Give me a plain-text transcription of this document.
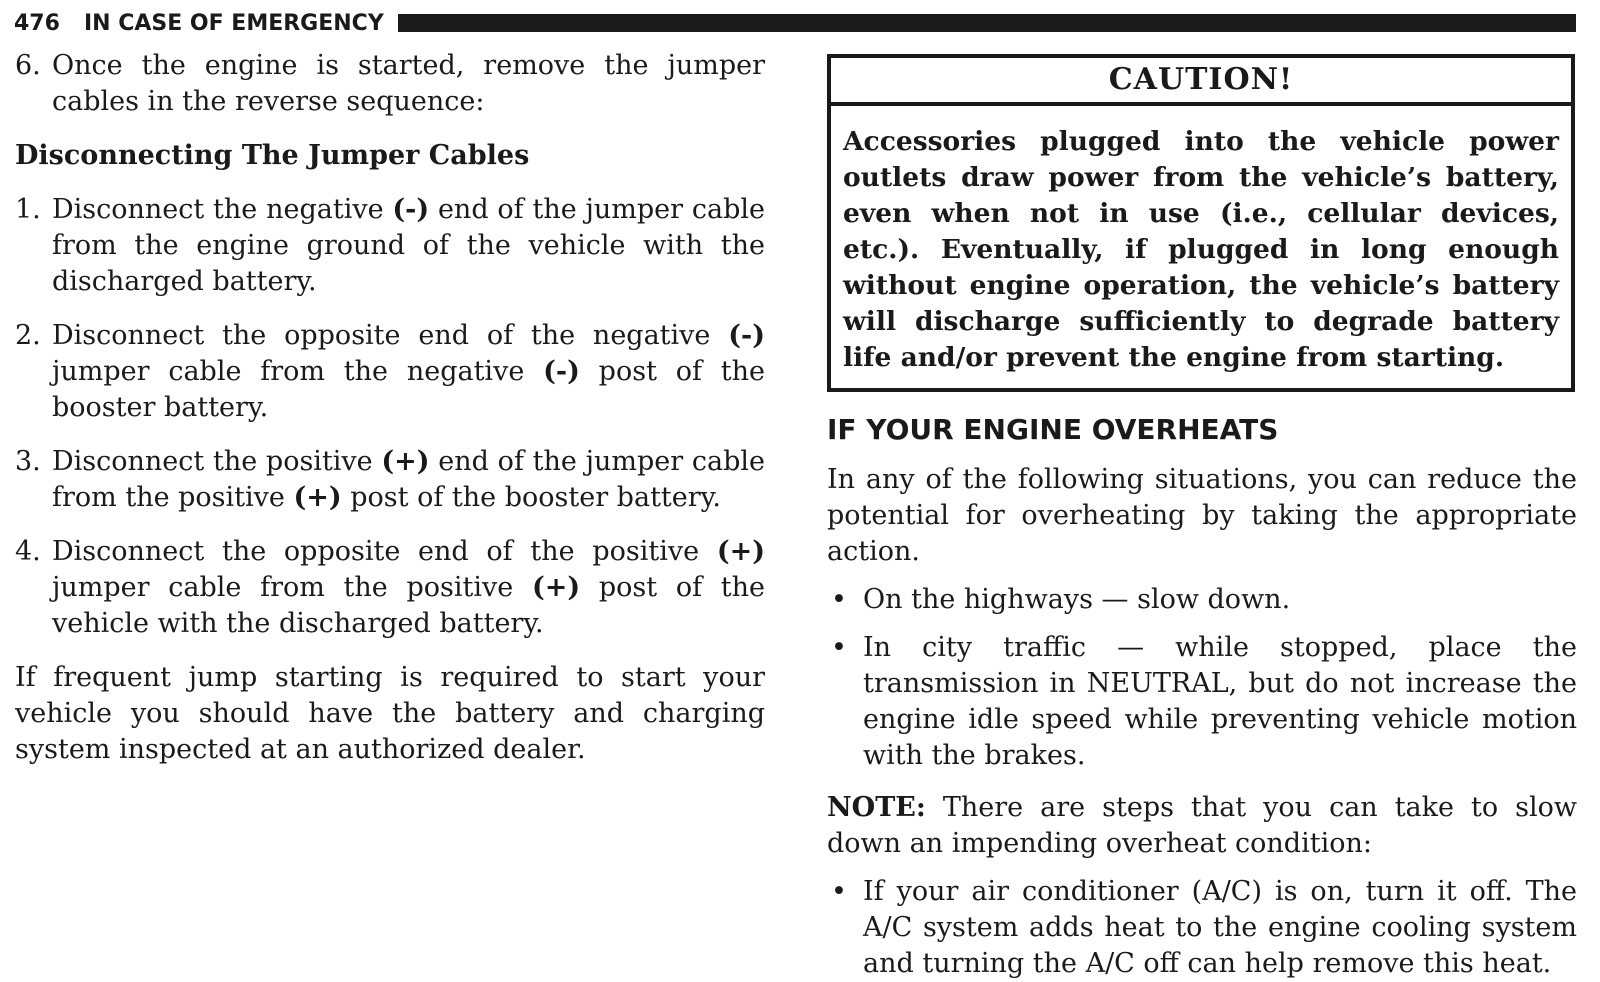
476 IN CASE OF EMERGENCY
6. Once the engine is started, remove the jumper cables in the reverse sequence:
Disconnecting The Jumper Cables
1. Disconnect the negative (-) end of the jumper cable from the engine ground of the vehicle with the discharged battery.
2. Disconnect the opposite end of the negative (-) jumper cable from the negative (-) post of the booster battery.
3. Disconnect the positive (+) end of the jumper cable from the positive (+) post of the booster battery.
4. Disconnect the opposite end of the positive (+) jumper cable from the positive (+) post of the vehicle with the discharged battery.

If frequent jump starting is required to start your vehicle you should have the battery and charging system inspected at an authorized dealer.

CAUTION!
Accessories plugged into the vehicle power outlets draw power from the vehicle’s battery, even when not in use (i.e., cellular devices, etc.). Eventually, if plugged in long enough without engine operation, the vehicle’s battery will discharge sufficiently to degrade battery life and/or prevent the engine from starting.
IF YOUR ENGINE OVERHEATS

In any of the following situations, you can reduce the potential for overheating by taking the appropriate action.

• On the highways — slow down.
• In city traffic — while stopped, place the transmission in NEUTRAL, but do not increase the engine idle speed while preventing vehicle motion with the brakes.

NOTE: There are steps that you can take to slow down an impending overheat condition:

• If your air conditioner (A/C) is on, turn it off. The A/C system adds heat to the engine cooling system and turning the A/C off can help remove this heat.
